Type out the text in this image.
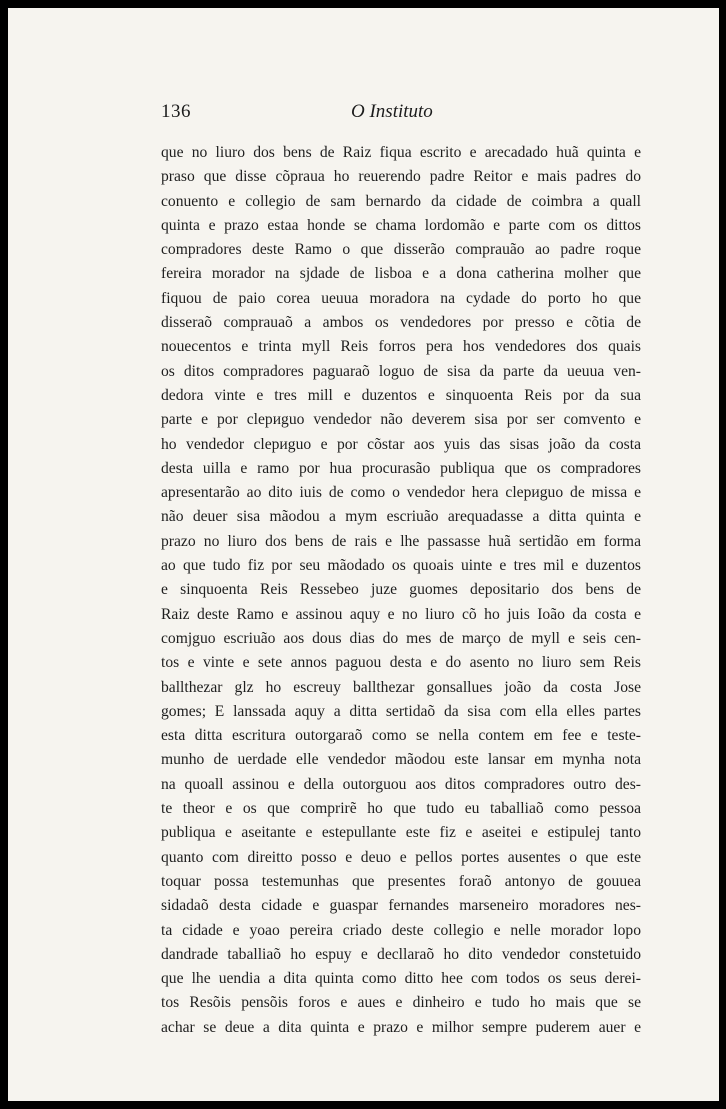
136	O Instituto
que no liuro dos bens de Raiz fiqua escrito e arecadado huã quinta e
praso que disse cõpraua ho reuerendo padre Reitor e mais padres do
conuento e collegio de sam bernardo da cidade de coimbra a quall
quinta e prazo estaa honde se chama lordomão e parte com os dittos
compradores deste Ramo o que disserão comprauão ao padre roque
fereira morador na sjdade de lisboa e a dona catherina molher que
fiquou de paio corea ueuua moradora na cydade do porto ho que
disseraõ comprauaõ a ambos os vendedores por presso e cõtia de
nouecentos e trinta myll Reis forros pera hos vendedores dos quais
os ditos compradores paguaraõ loguo de sisa da parte da ueuua ven-
dedora vinte e tres mill e duzentos e sinquoenta Reis por da sua
parte e por clериguo vendedor não deverem sisa por ser comvento e
ho vendedor clериguo e por cõstar aos yuis das sisas joão da costa
desta uilla e ramo por hua procurasão publiqua que os compradores
apresentarão ao dito iuis de como o vendedor hera clериguo de missa e
não deuer sisa mãodou a mym escriuão arequadasse a ditta quinta e
prazo no liuro dos bens de rais e lhe passasse huã sertidão em forma
ao que tudo fiz por seu mãodado os quoais uinte e tres mil e duzentos
e sinquoenta Reis Ressebeo juze guomes depositario dos bens de
Raiz deste Ramo e assinou aquy e no liuro cõ ho juis Ioão da costa e
comjguo escriuão aos dous dias do mes de março de myll e seis cen-
tos e vinte e sete annos paguou desta e do asento no liuro sem Reis
ballthezar glz ho escreuy ballthezar gonsallues joão da costa Jose
gomes; E lanssada aquy a ditta sertidaõ da sisa com ella elles partes
esta ditta escritura outorgaraõ como se nella contem em fee e teste-
munho de uerdade elle vendedor mãodou este lansar em mynha nota
na quoall assinou e della outorguou aos ditos compradores outro des-
te theor e os que comprirẽ ho que tudo eu taballiaõ como pessoa
publiqua e aseitante e estepullante este fiz e aseitei e estipulej tanto
quanto com direitto posso e deuo e pellos portes ausentes o que este
toquar possa testemunhas que presentes foraõ antonyo de gouuea
sidadaõ desta cidade e guaspar fernandes marseneiro moradores nes-
ta cidade e yoao pereira criado deste collegio e nelle morador lopo
dandrade taballiaõ ho espuy e decllaraõ ho dito vendedor constetuido
que lhe uendia a dita quinta como ditto hee com todos os seus derei-
tos Resõis pensõis foros e aues e dinheiro e tudo ho mais que se
achar se deue a dita quinta e prazo e milhor sempre puderem auer e
